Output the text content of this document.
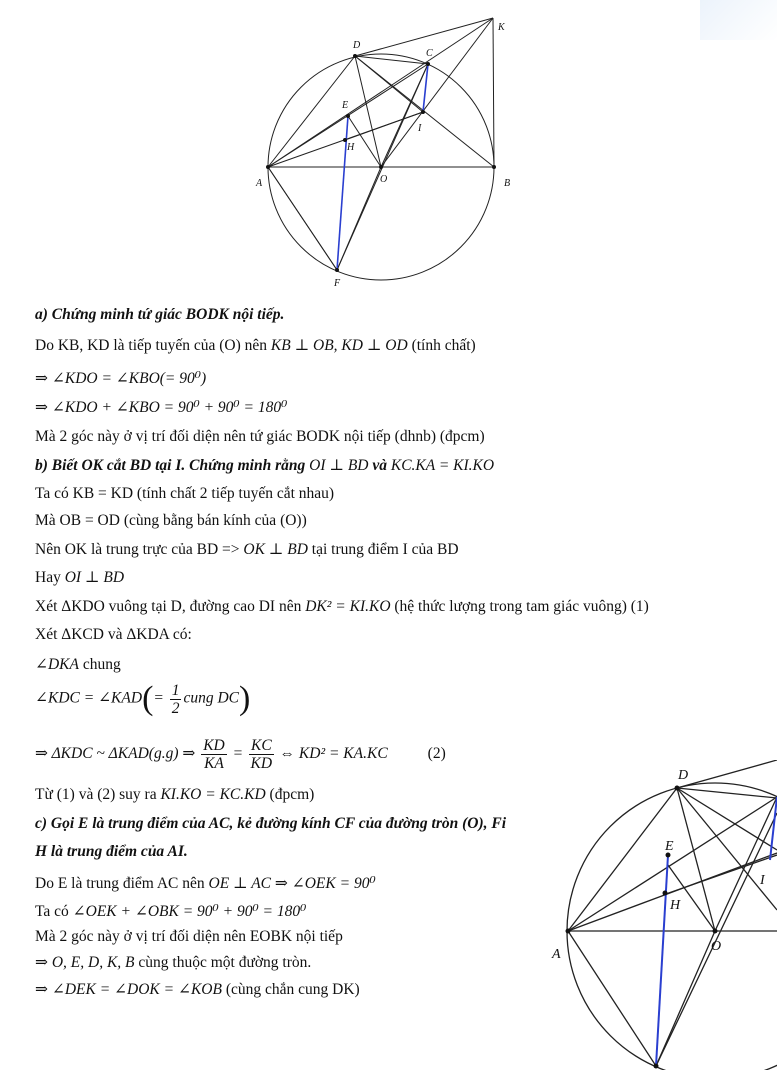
D
C
K
E
I
H
A	O	B
F
a) Chứng minh tứ giác BODK nội tiếp.
Do KB, KD là tiếp tuyến của (O) nên KB ⊥ OB, KD ⊥ OD (tính chất)
⇒ ∠KDO = ∠KBO(= 90⁰)
⇒ ∠KDO + ∠KBO = 90⁰ + 90⁰ = 180⁰
Mà 2 góc này ở vị trí đối diện nên tứ giác BODK nội tiếp (dhnb) (đpcm)
b) Biết OK cắt BD tại I. Chứng minh rằng OI ⊥ BD và KC.KA = KI.KO
Ta có KB = KD (tính chất 2 tiếp tuyến cắt nhau)
Mà OB = OD (cùng bằng bán kính của (O))
Nên OK là trung trực của BD => OK ⊥ BD tại trung điểm I của BD
Hay OI ⊥ BD
Xét ΔKDO vuông tại D, đường cao DI nên DK² = KI.KO (hệ thức lượng trong tam giác vuông) (1)
Xét ΔKCD và ΔKDA có:
∠DKA chung
∠KDC = ∠KAD(= $\frac{1}{2}$ cung DC)
⇒ ΔKDC ~ ΔKAD(g.g) ⇒ $\frac{KD}{KA} = \frac{KC}{KD}$ ⇔ KD² = KA.KC	(2)
Từ (1) và (2) suy ra KI.KO = KC.KD (đpcm)
c) Gọi E là trung điểm của AC, kẻ đường kính CF của đường tròn (O), Fi
H là trung điểm của AI.
Do E là trung điểm AC nên OE ⊥ AC ⇒ ∠OEK = 90⁰
Ta có ∠OEK + ∠OBK = 90⁰ + 90⁰ = 180⁰
Mà 2 góc này ở vị trí đối diện nên EOBK nội tiếp
⇒ O, E, D, K, B cùng thuộc một đường tròn.
⇒ ∠DEK = ∠DOK = ∠KOB (cùng chắn cung DK)
D
E
I
H
A
O
